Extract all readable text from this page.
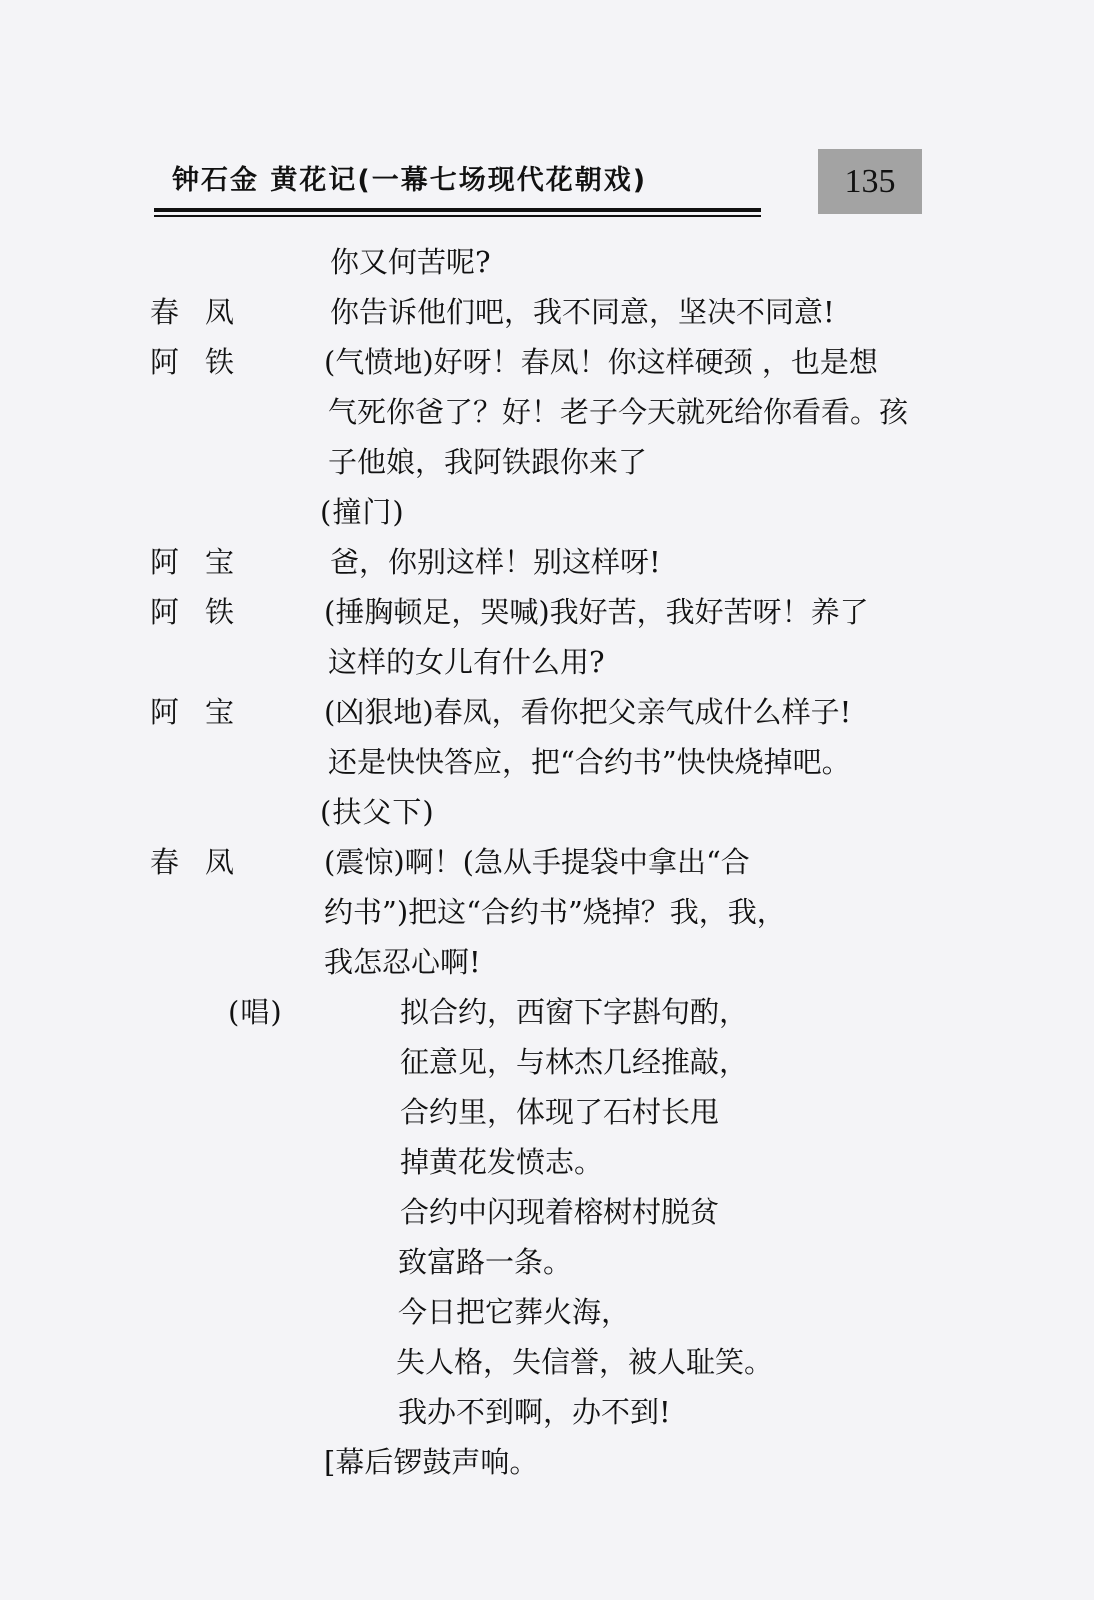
钟石金 黄花记(一幕七场现代花朝戏)	135
你又何苦呢?
春凤 你告诉他们吧，我不同意，坚决不同意!
阿铁 (气愤地)好呀！春凤！你这样硬颈 ，也是想
气死你爸了？好！老子今天就死给你看看。孩
子他娘，我阿铁跟你来了
(撞门)
阿宝 爸，你别这样！别这样呀!
阿铁 (捶胸顿足，哭喊)我好苦，我好苦呀！养了
这样的女儿有什么用?
阿宝 (凶狠地)春凤，看你把父亲气成什么样子!
还是快快答应，把“合约书”快快烧掉吧。
(扶父下)
春凤 (震惊)啊！(急从手提袋中拿出“合
约书”)把这“合约书”烧掉？我，我，
我怎忍心啊!
(唱)	拟合约，西窗下字斟句酌，
征意见，与林杰几经推敲，
合约里，体现了石村长甩
掉黄花发愤志。
合约中闪现着榕树村脱贫
致富路一条。
今日把它葬火海，
失人格，失信誉，被人耻笑。
我办不到啊，办不到!
[幕后锣鼓声响。
